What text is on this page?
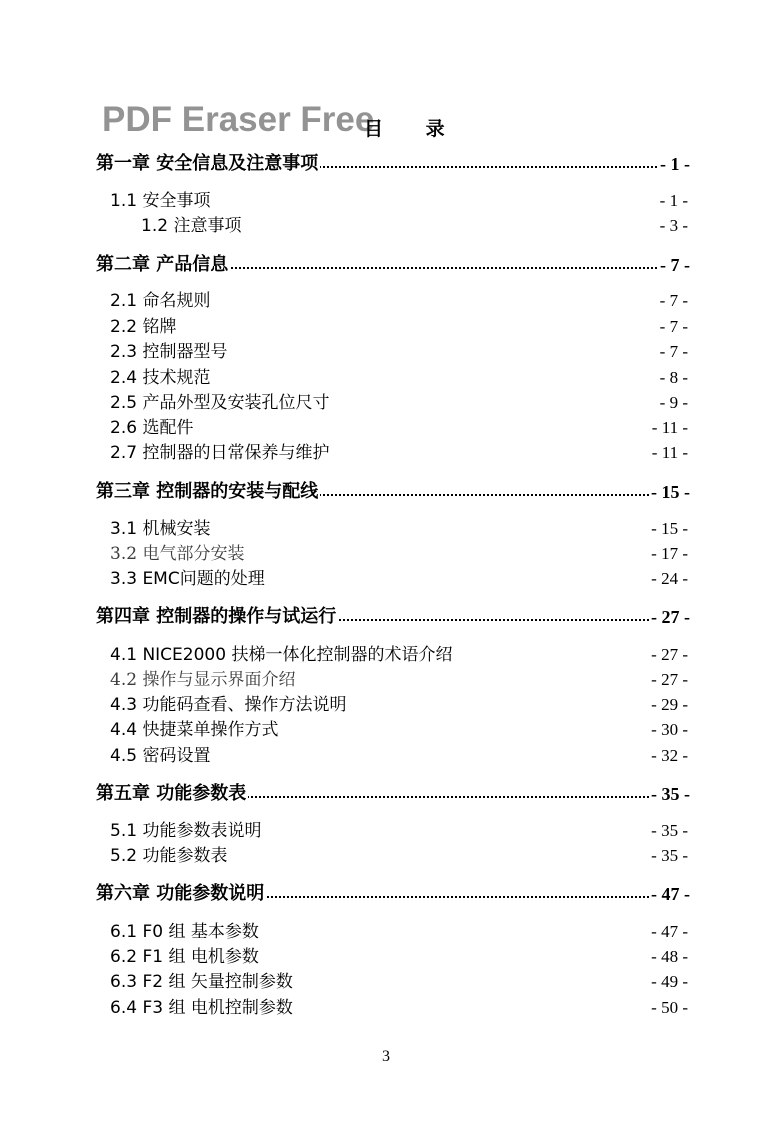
PDF Eraser Free
目 录
第一章 安全信息及注意事项	- 1 -
1.1 安全事项	- 1 -
1.2 注意事项	- 3 -
第二章 产品信息	- 7 -
2.1 命名规则	- 7 -
2.2 铭牌	- 7 -
2.3 控制器型号	- 7 -
2.4 技术规范	- 8 -
2.5 产品外型及安装孔位尺寸	- 9 -
2.6 选配件	- 11 -
2.7 控制器的日常保养与维护	- 11 -
第三章 控制器的安装与配线	- 15 -
3.1 机械安装	- 15 -
3.2 电气部分安装	- 17 -
3.3 EMC问题的处理	- 24 -
第四章 控制器的操作与试运行	- 27 -
4.1 NICE2000 扶梯一体化控制器的术语介绍	- 27 -
4.2 操作与显示界面介绍	- 27 -
4.3 功能码查看、操作方法说明	- 29 -
4.4 快捷菜单操作方式	- 30 -
4.5 密码设置	- 32 -
第五章 功能参数表	- 35 -
5.1 功能参数表说明	- 35 -
5.2 功能参数表	- 35 -
第六章 功能参数说明	- 47 -
6.1 F0 组 基本参数	- 47 -
6.2 F1 组 电机参数	- 48 -
6.3 F2 组 矢量控制参数	- 49 -
6.4 F3 组 电机控制参数	- 50 -
3
